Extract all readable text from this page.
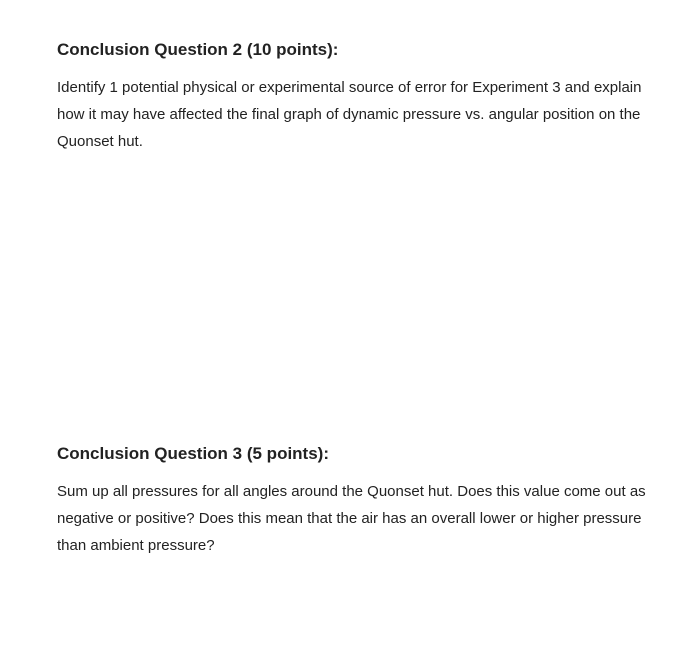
Conclusion Question 2 (10 points):

Identify 1 potential physical or experimental source of error for Experiment 3 and explain how it may have affected the final graph of dynamic pressure vs. angular position on the Quonset hut.

Conclusion Question 3 (5 points):

Sum up all pressures for all angles around the Quonset hut. Does this value come out as negative or positive? Does this mean that the air has an overall lower or higher pressure than ambient pressure?
